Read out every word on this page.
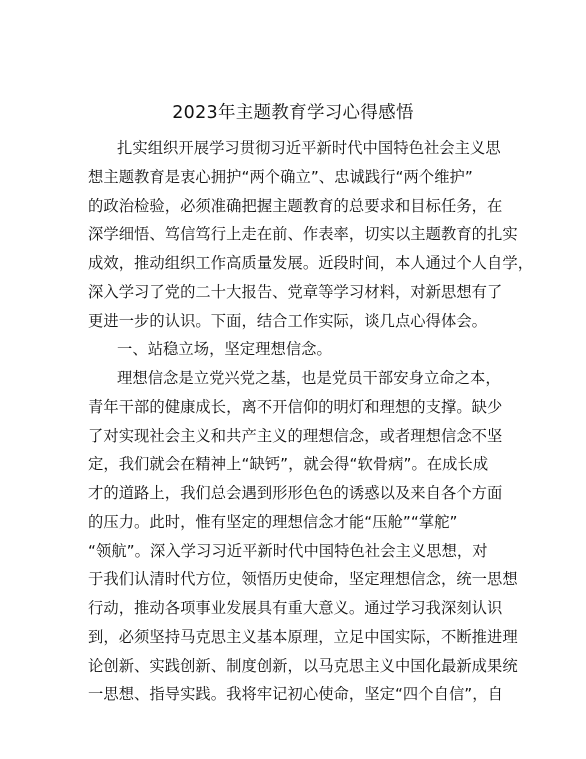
2023年主题教育学习心得感悟
扎实组织开展学习贯彻习近平新时代中国特色社会主义思
想主题教育是衷心拥护“两个确立”、忠诚践行“两个维护”
的政治检验，必须准确把握主题教育的总要求和目标任务，在
深学细悟、笃信笃行上走在前、作表率，切实以主题教育的扎实
成效，推动组织工作高质量发展。近段时间，本人通过个人自学，
深入学习了党的二十大报告、党章等学习材料，对新思想有了
更进一步的认识。下面，结合工作实际，谈几点心得体会。
一、站稳立场，坚定理想信念。
理想信念是立党兴党之基，也是党员干部安身立命之本，
青年干部的健康成长，离不开信仰的明灯和理想的支撑。缺少
了对实现社会主义和共产主义的理想信念，或者理想信念不坚
定，我们就会在精神上“缺钙”，就会得“软骨病”。在成长成
才的道路上，我们总会遇到形形色色的诱惑以及来自各个方面
的压力。此时，惟有坚定的理想信念才能“压舱”“掌舵”
“领航”。深入学习习近平新时代中国特色社会主义思想，对
于我们认清时代方位，领悟历史使命，坚定理想信念，统一思想
行动，推动各项事业发展具有重大意义。通过学习我深刻认识
到，必须坚持马克思主义基本原理，立足中国实际，不断推进理
论创新、实践创新、制度创新，以马克思主义中国化最新成果统
一思想、指导实践。我将牢记初心使命，坚定“四个自信”，自
